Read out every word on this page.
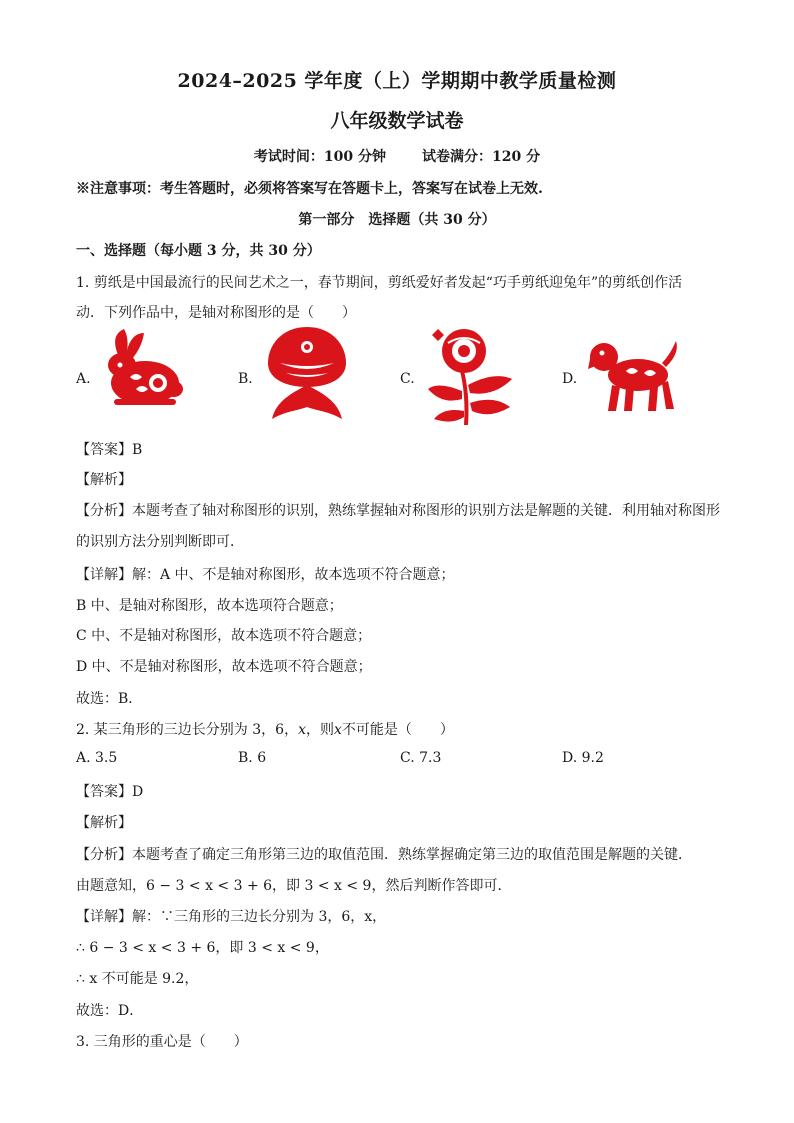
2024–2025 学年度（上）学期期中教学质量检测
八年级数学试卷
考试时间：100 分钟	试卷满分：120 分
※注意事项：考生答题时，必须将答案写在答题卡上，答案写在试卷上无效.
第一部分　选择题（共 30 分）
一、选择题（每小题 3 分，共 30 分）
1. 剪纸是中国最流行的民间艺术之一，春节期间，剪纸爱好者发起“巧手剪纸迎兔年”的剪纸创作活
动．下列作品中，是轴对称图形的是（　　）
A.	B.	C.	D.
【答案】B
【解析】
【分析】本题考查了轴对称图形的识别，熟练掌握轴对称图形的识别方法是解题的关键．利用轴对称图形
的识别方法分别判断即可．
【详解】解：A 中、不是轴对称图形，故本选项不符合题意；
B 中、是轴对称图形，故本选项符合题意；
C 中、不是轴对称图形，故本选项不符合题意；
D 中、不是轴对称图形，故本选项不符合题意；
故选：B．
2. 某三角形的三边长分别为 3，6，x，则x不可能是（　　）
A. 3.5	B. 6	C. 7.3	D. 9.2
【答案】D
【解析】
【分析】本题考查了确定三角形第三边的取值范围．熟练掌握确定第三边的取值范围是解题的关键．
由题意知，6 − 3 < x < 3 + 6，即 3 < x < 9，然后判断作答即可．
【详解】解：∵三角形的三边长分别为 3，6，x，
∴ 6 − 3 < x < 3 + 6，即 3 < x < 9，
∴ x 不可能是 9.2，
故选：D．
3. 三角形的重心是（　　）
